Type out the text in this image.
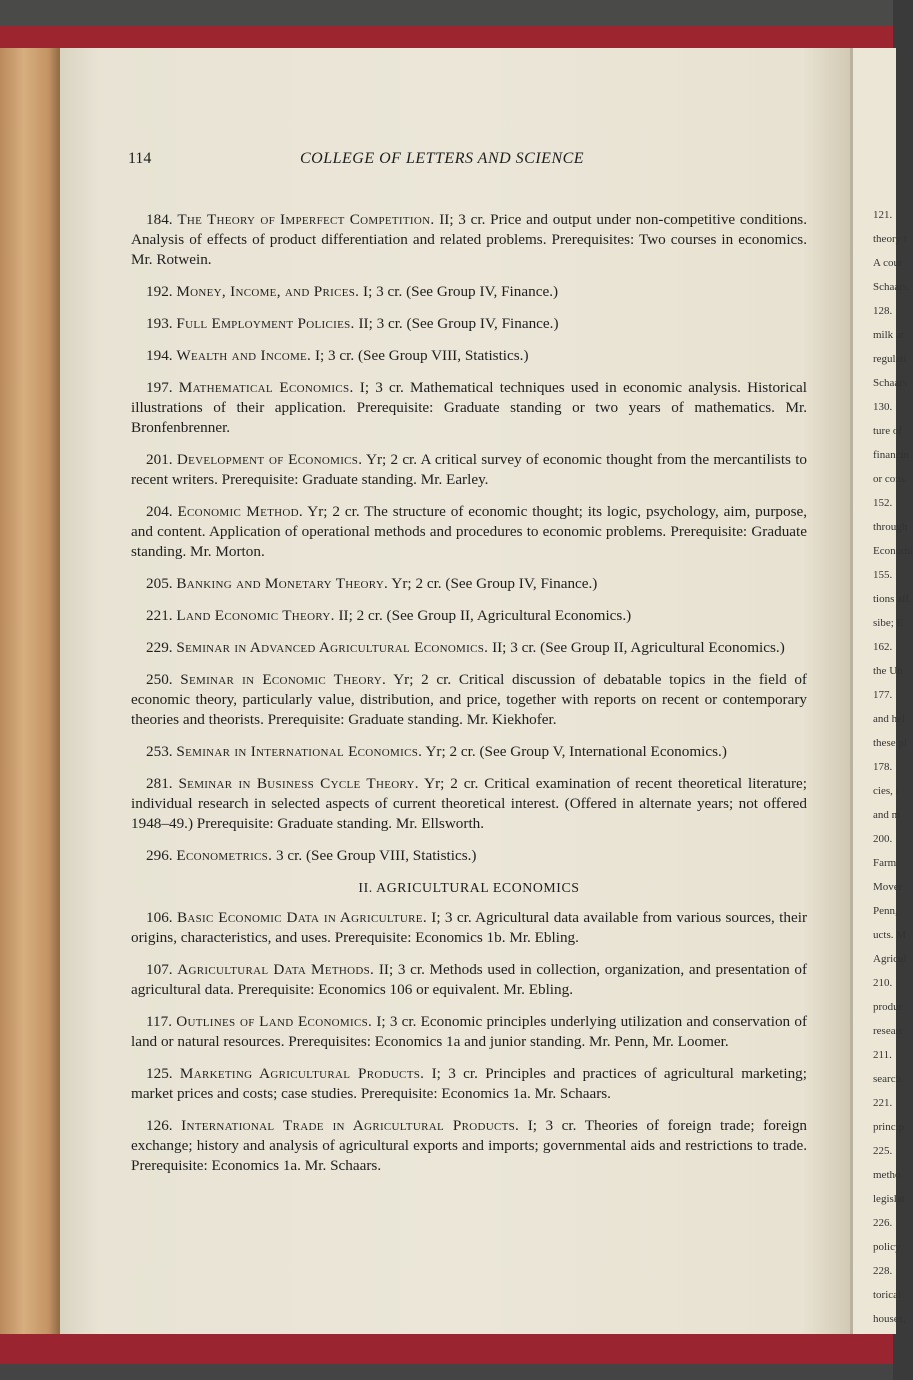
121.
theory t
A cour
Schaars.
128.
milk ar
regulati
Schaars
130.
ture of
financin
or cons
152.
through
Economi
155.
tions aff
sibe; E
162.
the Un
177.
and hel
these pl
178.
cies, i
and m
200.
Farm
Mover
Penn,
ucts. M
Agricul
210.
produc
researc
211.
search.
221.
princip
225.
metho
legislat
226.
policy
228.
torical
houses,
114	COLLEGE OF LETTERS AND SCIENCE

184. The Theory of Imperfect Competition. II; 3 cr. Price and output under non-competitive conditions. Analysis of effects of product differentiation and related problems. Prerequisites: Two courses in economics. Mr. Rotwein.

192. Money, Income, and Prices. I; 3 cr. (See Group IV, Finance.)

193. Full Employment Policies. II; 3 cr. (See Group IV, Finance.)

194. Wealth and Income. I; 3 cr. (See Group VIII, Statistics.)

197. Mathematical Economics. I; 3 cr. Mathematical techniques used in economic analysis. Historical illustrations of their application. Prerequisite: Graduate standing or two years of mathematics. Mr. Bronfenbrenner.

201. Development of Economics. Yr; 2 cr. A critical survey of economic thought from the mercantilists to recent writers. Prerequisite: Graduate standing. Mr. Earley.

204. Economic Method. Yr; 2 cr. The structure of economic thought; its logic, psychology, aim, purpose, and content. Application of operational methods and procedures to economic problems. Prerequisite: Graduate standing. Mr. Morton.

205. Banking and Monetary Theory. Yr; 2 cr. (See Group IV, Finance.)

221. Land Economic Theory. II; 2 cr. (See Group II, Agricultural Economics.)

229. Seminar in Advanced Agricultural Economics. II; 3 cr. (See Group II, Agricultural Economics.)

250. Seminar in Economic Theory. Yr; 2 cr. Critical discussion of debatable topics in the field of economic theory, particularly value, distribution, and price, together with reports on recent or contemporary theories and theorists. Prerequisite: Graduate standing. Mr. Kiekhofer.

253. Seminar in International Economics. Yr; 2 cr. (See Group V, International Economics.)

281. Seminar in Business Cycle Theory. Yr; 2 cr. Critical examination of recent theoretical literature; individual research in selected aspects of current theoretical interest. (Offered in alternate years; not offered 1948–49.) Prerequisite: Graduate standing. Mr. Ellsworth.

296. Econometrics. 3 cr. (See Group VIII, Statistics.)

II. AGRICULTURAL ECONOMICS

106. Basic Economic Data in Agriculture. I; 3 cr. Agricultural data available from various sources, their origins, characteristics, and uses. Prerequisite: Economics 1b. Mr. Ebling.

107. Agricultural Data Methods. II; 3 cr. Methods used in collection, organization, and presentation of agricultural data. Prerequisite: Economics 106 or equivalent. Mr. Ebling.

117. Outlines of Land Economics. I; 3 cr. Economic principles underlying utilization and conservation of land or natural resources. Prerequisites: Economics 1a and junior standing. Mr. Penn, Mr. Loomer.

125. Marketing Agricultural Products. I; 3 cr. Principles and practices of agricultural marketing; market prices and costs; case studies. Prerequisite: Economics 1a. Mr. Schaars.

126. International Trade in Agricultural Products. I; 3 cr. Theories of foreign trade; foreign exchange; history and analysis of agricultural exports and imports; governmental aids and restrictions to trade. Prerequisite: Economics 1a. Mr. Schaars.
